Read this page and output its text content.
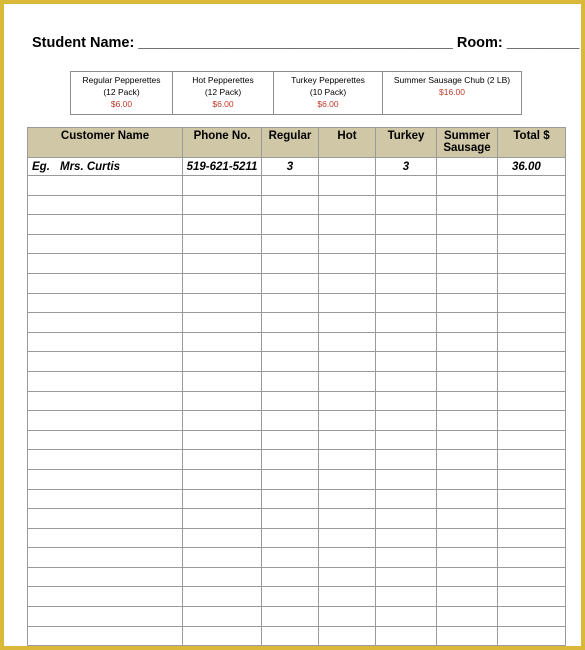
Student Name: _______________________________________ Room: _________
Regular Pepperettes
(12 Pack)
$6.00

Hot Pepperettes
(12 Pack)
$6.00

Turkey Pepperettes
(10 Pack)
$6.00

Summer Sausage Chub (2 LB)
$16.00
Customer Name	Phone No.	Regular	Hot	Turkey	Summer Sausage	Total $
Eg. Mrs. Curtis	519-621-5211	3		3		36.00
